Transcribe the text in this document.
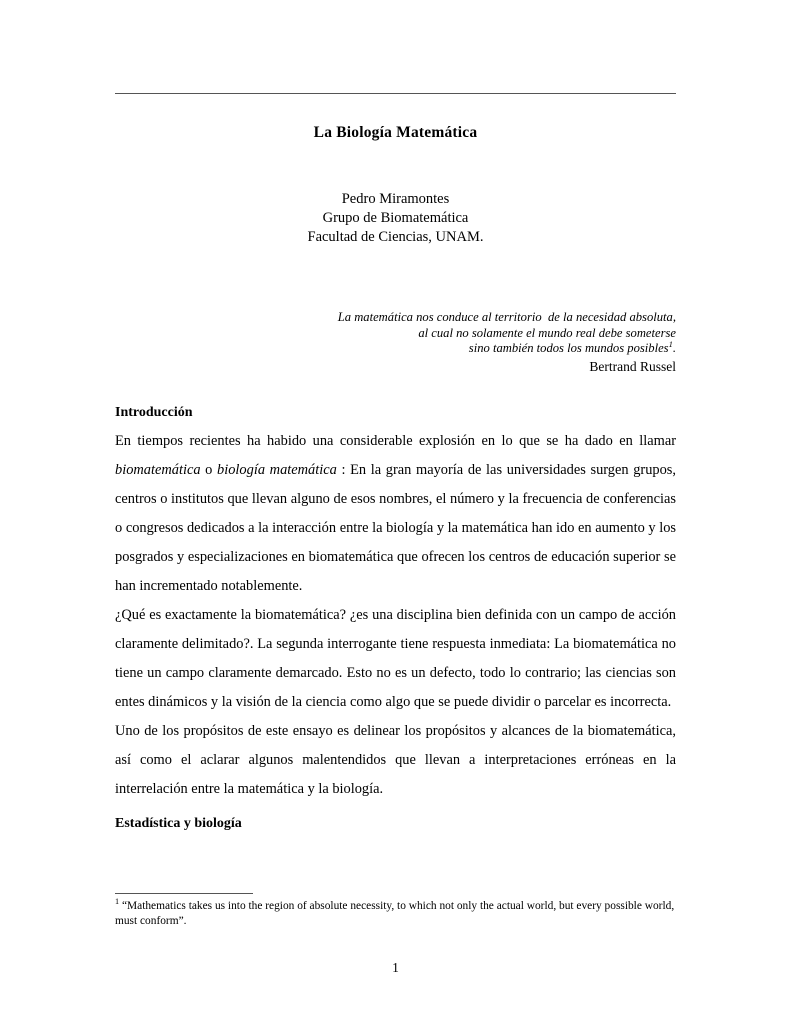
La Biología Matemática
Pedro Miramontes
Grupo de Biomatemática
Facultad de Ciencias, UNAM.
La matemática nos conduce al territorio  de la necesidad absoluta,
al cual no solamente el mundo real debe someterse
sino también todos los mundos posibles$^1$.
Bertrand Russel

Introducción

En tiempos recientes ha habido una considerable explosión en lo que se ha dado en llamar biomatemática o biología matemática : En la gran mayoría de las universidades surgen grupos, centros o institutos que llevan alguno de esos nombres, el número y la frecuencia de conferencias o congresos dedicados a la interacción entre la biología y la matemática han ido en aumento y los posgrados y especializaciones en biomatemática que ofrecen los centros de educación superior se han incrementado notablemente.

¿Qué es exactamente la biomatemática? ¿es una disciplina bien definida con un campo de acción claramente delimitado?. La segunda interrogante tiene respuesta inmediata: La biomatemática no tiene un campo claramente demarcado. Esto no es un defecto, todo lo contrario; las ciencias son entes dinámicos y la visión de la ciencia como algo que se puede dividir o parcelar es incorrecta.

Uno de los propósitos de este ensayo es delinear los propósitos y alcances de la biomatemática, así como el aclarar algunos malentendidos que llevan a interpretaciones erróneas en la interrelación entre la matemática y la biología.

Estadística y biología

$^1$ “Mathematics takes us into the region of absolute necessity, to which not only the actual world, but every possible world, must conform”.
1
